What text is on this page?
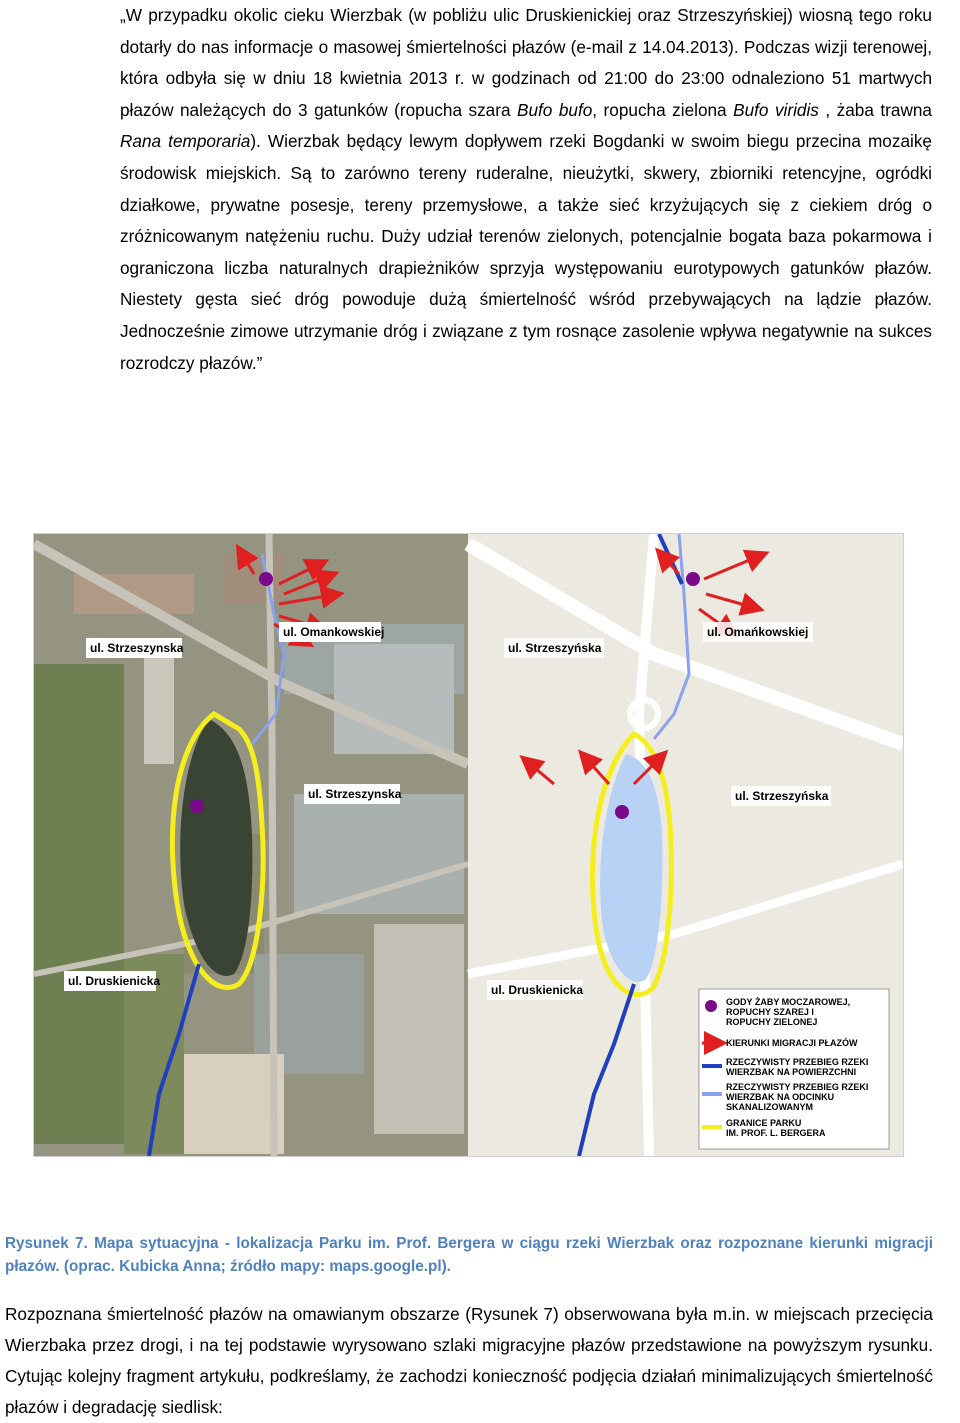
„W przypadku okolic cieku Wierzbak (w pobliżu ulic Druskienickiej oraz Strzeszyńskiej) wiosną tego roku dotarły do nas informacje o masowej śmiertelności płazów (e-mail z 14.04.2013). Podczas wizji terenowej, która odbyła się w dniu 18 kwietnia 2013 r. w godzinach od 21:00 do 23:00 odnaleziono 51 martwych płazów należących do 3 gatunków (ropucha szara Bufo bufo, ropucha zielona Bufo viridis , żaba trawna Rana temporaria). Wierzbak będący lewym dopływem rzeki Bogdanki w swoim biegu przecina mozaikę środowisk miejskich. Są to zarówno tereny ruderalne, nieużytki, skwery, zbiorniki retencyjne, ogródki działkowe, prywatne posesje, tereny przemysłowe, a także sieć krzyżujących się z ciekiem dróg o zróżnicowanym natężeniu ruchu. Duży udział terenów zielonych, potencjalnie bogata baza pokarmowa i ograniczona liczba naturalnych drapieżników sprzyja występowaniu eurotypowych gatunków płazów. Niestety gęsta sieć dróg powoduje dużą śmiertelność wśród przebywających na lądzie płazów. Jednocześnie zimowe utrzymanie dróg i związane z tym rosnące zasolenie wpływa negatywnie na sukces rozrodczy płazów.”

ul. Strzeszynska
ul. Omankowskiej
ul. Strzeszynska
ul. Druskienicka
ul. Omańkowskiej
ul. Strzeszyńska
ul. Strzeszyńska
ul. Druskienicka
GODY ŻABY MOCZAROWEJ,
ROPUCHY SZAREJ I
ROPUCHY ZIELONEJ
KIERUNKI MIGRACJI PŁAZÓW
RZECZYWISTY PRZEBIEG RZEKI
WIERZBAK NA POWIERZCHNI
RZECZYWISTY PRZEBIEG RZEKI
WIERZBAK NA ODCINKU
SKANALIZOWANYM
GRANICE PARKU
IM. PROF. L. BERGERA

Rysunek 7. Mapa sytuacyjna - lokalizacja Parku im. Prof. Bergera w ciągu rzeki Wierzbak oraz rozpoznane kierunki migracji płazów. (oprac. Kubicka Anna; źródło mapy: maps.google.pl).

Rozpoznana śmiertelność płazów na omawianym obszarze (Rysunek 7) obserwowana była m.in. w miejscach przecięcia Wierzbaka przez drogi, i na tej podstawie wyrysowano szlaki migracyjne płazów przedstawione na powyższym rysunku. Cytując kolejny fragment artykułu, podkreślamy, że zachodzi konieczność podjęcia działań minimalizujących śmiertelność płazów i degradację siedlisk:
